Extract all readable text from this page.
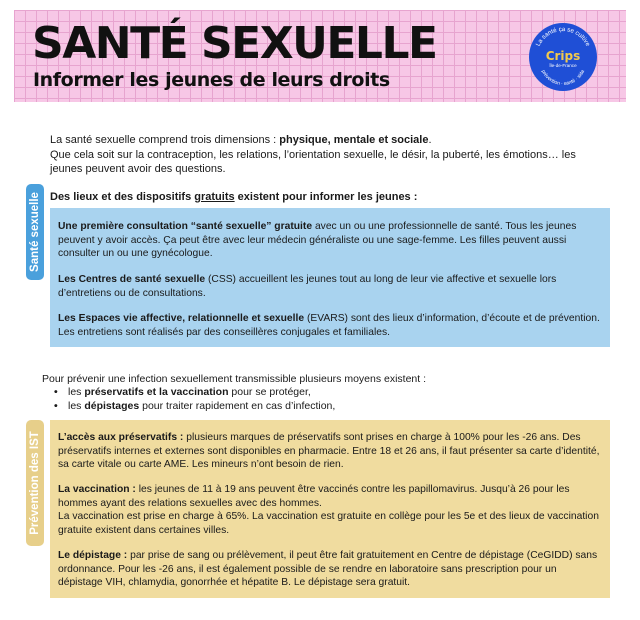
SANTÉ SEXUELLE
Informer les jeunes de leurs droits
La santé ça se cultive
Crips
Île-de-France
prévention · santé · sida

La santé sexuelle comprend trois dimensions : physique, mentale et sociale.
Que cela soit sur la contraception, les relations, l’orientation sexuelle, le désir, la puberté, les émotions… les jeunes peuvent avoir des questions.

Santé sexuelle Des lieux et des dispositifs gratuits existent pour informer les jeunes :

Une première consultation “santé sexuelle” gratuite avec un ou une professionnelle de santé. Tous les jeunes peuvent y avoir accès. Ça peut être avec leur médecin généraliste ou une sage-femme. Les filles peuvent aussi consulter un ou une gynécologue.

Les Centres de santé sexuelle (CSS) accueillent les jeunes tout au long de leur vie affective et sexuelle lors d’entretiens ou de consultations.

Les Espaces vie affective, relationnelle et sexuelle (EVARS) sont des lieux d’information, d’écoute et de prévention. Les entretiens sont réalisés par des conseillères conjugales et familiales.

Pour prévenir une infection sexuellement transmissible plusieurs moyens existent :

• les préservatifs et la vaccination pour se protéger,
• les dépistages pour traiter rapidement en cas d’infection,
Prévention des IST L’accès aux préservatifs : plusieurs marques de préservatifs sont prises en charge à 100% pour les -26 ans. Des préservatifs internes et externes sont disponibles en pharmacie. Entre 18 et 26 ans, il faut présenter sa carte d’identité, sa carte vitale ou carte AME. Les mineurs n’ont besoin de rien.

La vaccination : les jeunes de 11 à 19 ans peuvent être vaccinés contre les papillomavirus. Jusqu’à 26 pour les hommes ayant des relations sexuelles avec des hommes.
La vaccination est prise en charge à 65%. La vaccination est gratuite en collège pour les 5e et des lieux de vaccination gratuite existent dans certaines villes.

Le dépistage : par prise de sang ou prélèvement, il peut être fait gratuitement en Centre de dépistage (CeGIDD) sans ordonnance. Pour les -26 ans, il est également possible de se rendre en laboratoire sans prescription pour un dépistage VIH, chlamydia, gonorrhée et hépatite B. Le dépistage sera gratuit.
